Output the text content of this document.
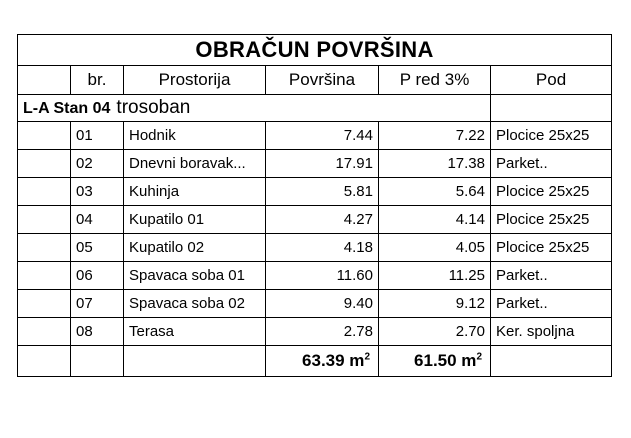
OBRAČUN POVRŠINA					
	br.	Prostorija	Površina	P red 3%	Pod
L-A Stan 04 trosoban					
	01	Hodnik	7.44	7.22	Plocice 25x25
	02	Dnevni boravak...	17.91	17.38	Parket..
	03	Kuhinja	5.81	5.64	Plocice 25x25
	04	Kupatilo 01	4.27	4.14	Plocice 25x25
	05	Kupatilo 02	4.18	4.05	Plocice 25x25
	06	Spavaca soba 01	11.60	11.25	Parket..
	07	Spavaca soba 02	9.40	9.12	Parket..
	08	Terasa	2.78	2.70	Ker. spoljna
			63.39 $m^2$	61.50 $m^2$	
